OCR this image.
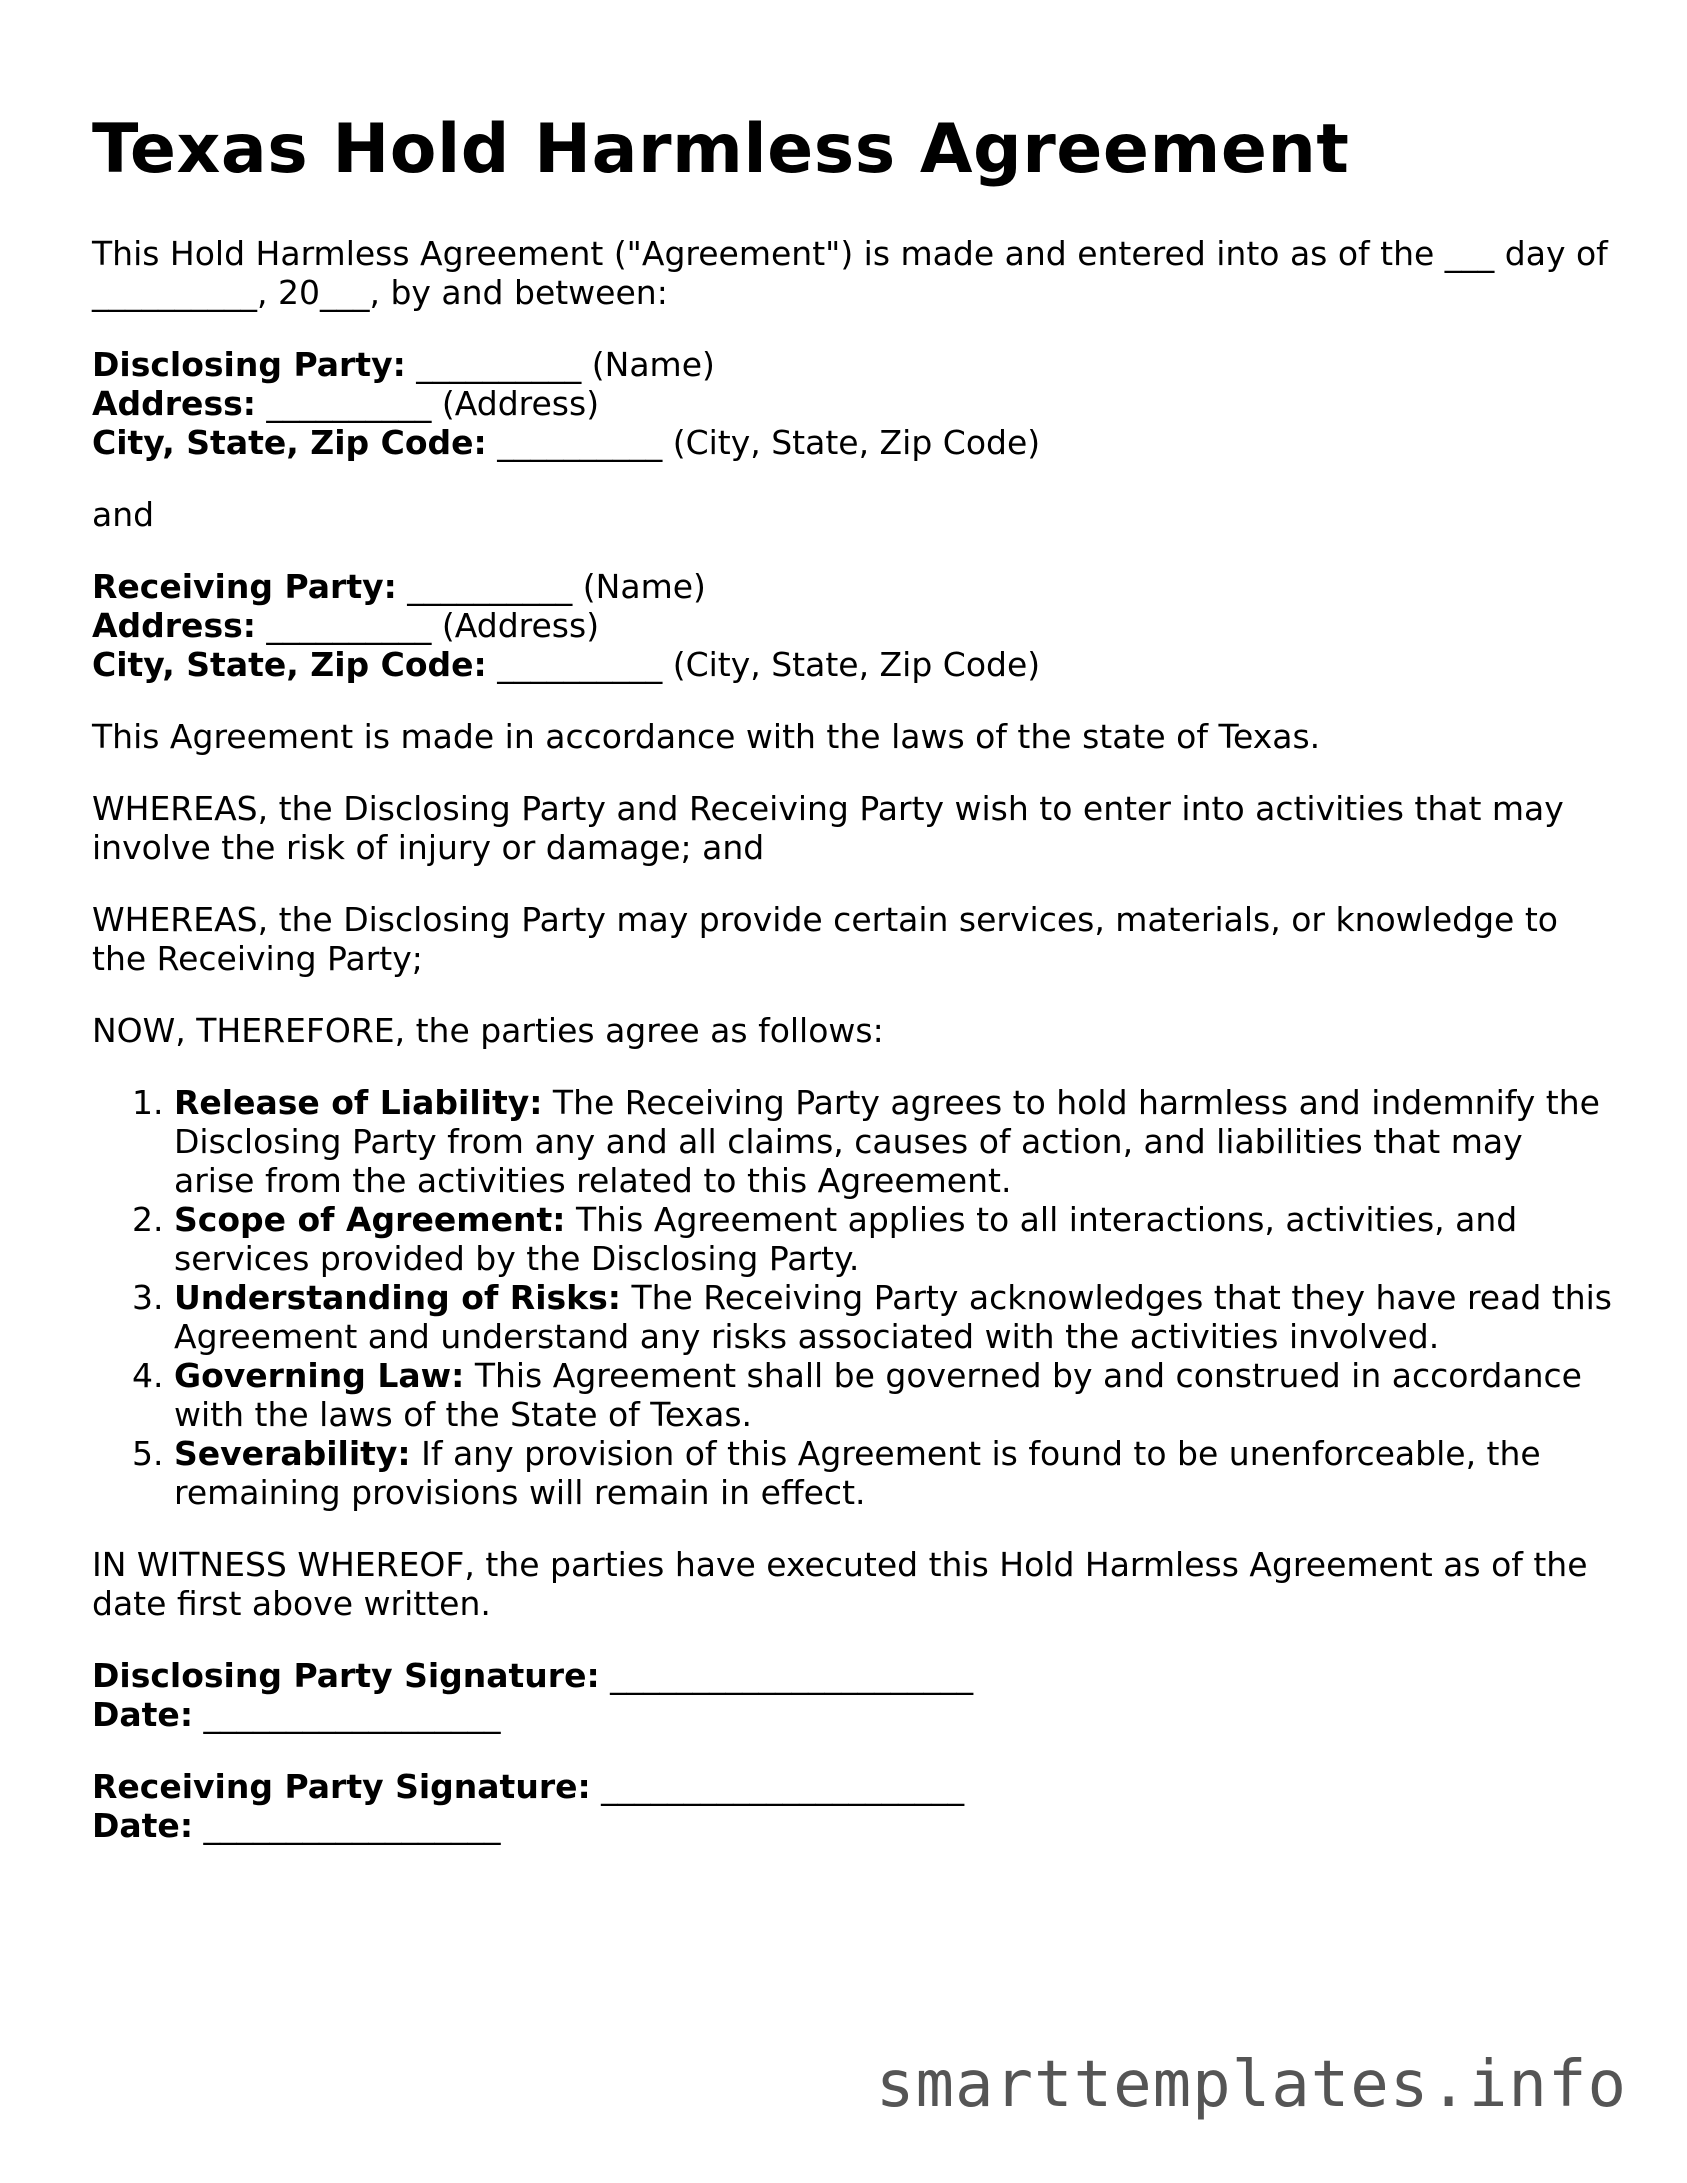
Texas Hold Harmless Agreement

This Hold Harmless Agreement ("Agreement") is made and entered into as of the ___ day of __________, 20___, by and between:

Disclosing Party: __________ (Name)
Address: __________ (Address)
City, State, Zip Code: __________ (City, State, Zip Code)

and

Receiving Party: __________ (Name)
Address: __________ (Address)
City, State, Zip Code: __________ (City, State, Zip Code)

This Agreement is made in accordance with the laws of the state of Texas.

WHEREAS, the Disclosing Party and Receiving Party wish to enter into activities that may involve the risk of injury or damage; and

WHEREAS, the Disclosing Party may provide certain services, materials, or knowledge to the Receiving Party;

NOW, THEREFORE, the parties agree as follows:

1. Release of Liability: The Receiving Party agrees to hold harmless and indemnify the Disclosing Party from any and all claims, causes of action, and liabilities that may arise from the activities related to this Agreement.
2. Scope of Agreement: This Agreement applies to all interactions, activities, and services provided by the Disclosing Party.
3. Understanding of Risks: The Receiving Party acknowledges that they have read this Agreement and understand any risks associated with the activities involved.
4. Governing Law: This Agreement shall be governed by and construed in accordance with the laws of the State of Texas.
5. Severability: If any provision of this Agreement is found to be unenforceable, the remaining provisions will remain in effect.

IN WITNESS WHEREOF, the parties have executed this Hold Harmless Agreement as of the date first above written.

Disclosing Party Signature: ______________________
Date: __________________
Receiving Party Signature: ______________________
Date: __________________
smarttemplates.info
